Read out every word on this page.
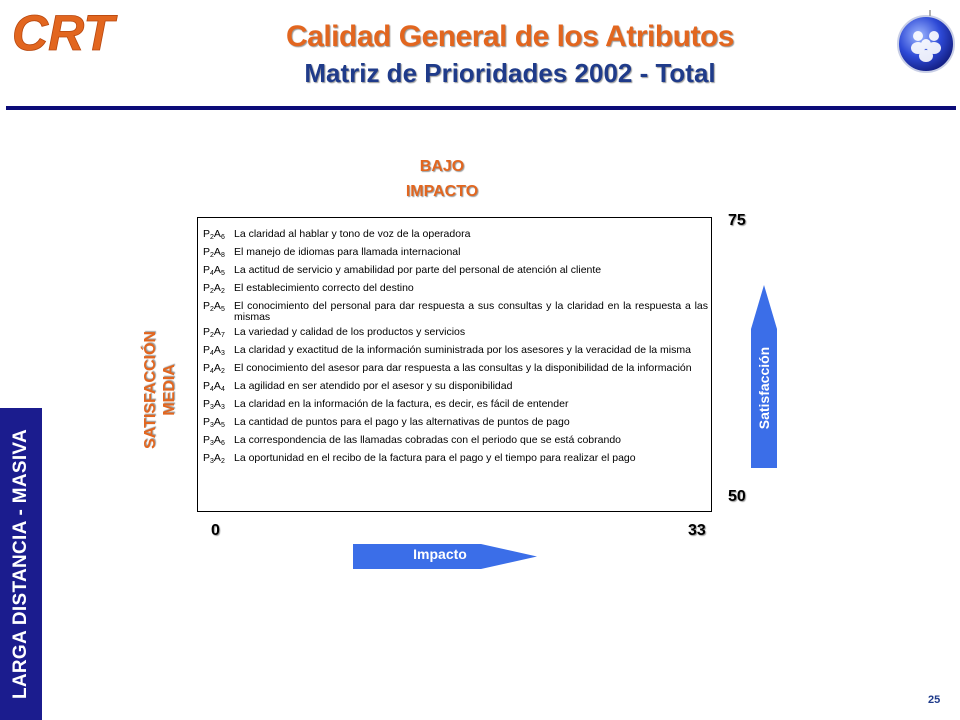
CRT	Calidad General de los Atributos
Matriz de Prioridades 2002 - Total
LARGA DISTANCIA - MASIVA
BAJO
IMPACTO
SATISFACCIÓN MEDIA
$P_2A_6$ La claridad al hablar y tono de voz de la operadora
$P_2A_8$ El manejo de idiomas para llamada internacional
$P_4A_5$ La actitud de servicio y amabilidad por parte del personal de atención al cliente
$P_2A_2$ El establecimiento correcto del destino
$P_2A_5$ El conocimiento del personal para dar respuesta a sus consultas y la claridad en la respuesta a las mismas
$P_2A_7$ La variedad y calidad de los productos y servicios
$P_4A_3$ La claridad y exactitud de la información suministrada por los asesores y la veracidad de la misma
$P_4A_2$ El conocimiento del asesor para dar respuesta a las consultas y la disponibilidad de la información
$P_4A_4$ La agilidad en ser atendido por el asesor y su disponibilidad
$P_3A_3$ La claridad en la información de la factura, es decir, es fácil de entender
$P_3A_5$ La cantidad de puntos para el pago y las alternativas de puntos de pago
$P_3A_6$ La correspondencia de las llamadas cobradas con el periodo que se está cobrando
$P_3A_2$ La oportunidad en el recibo de la factura para el pago y el tiempo para realizar el pago
75
50
0	33
Impacto
Satisfacción
25
